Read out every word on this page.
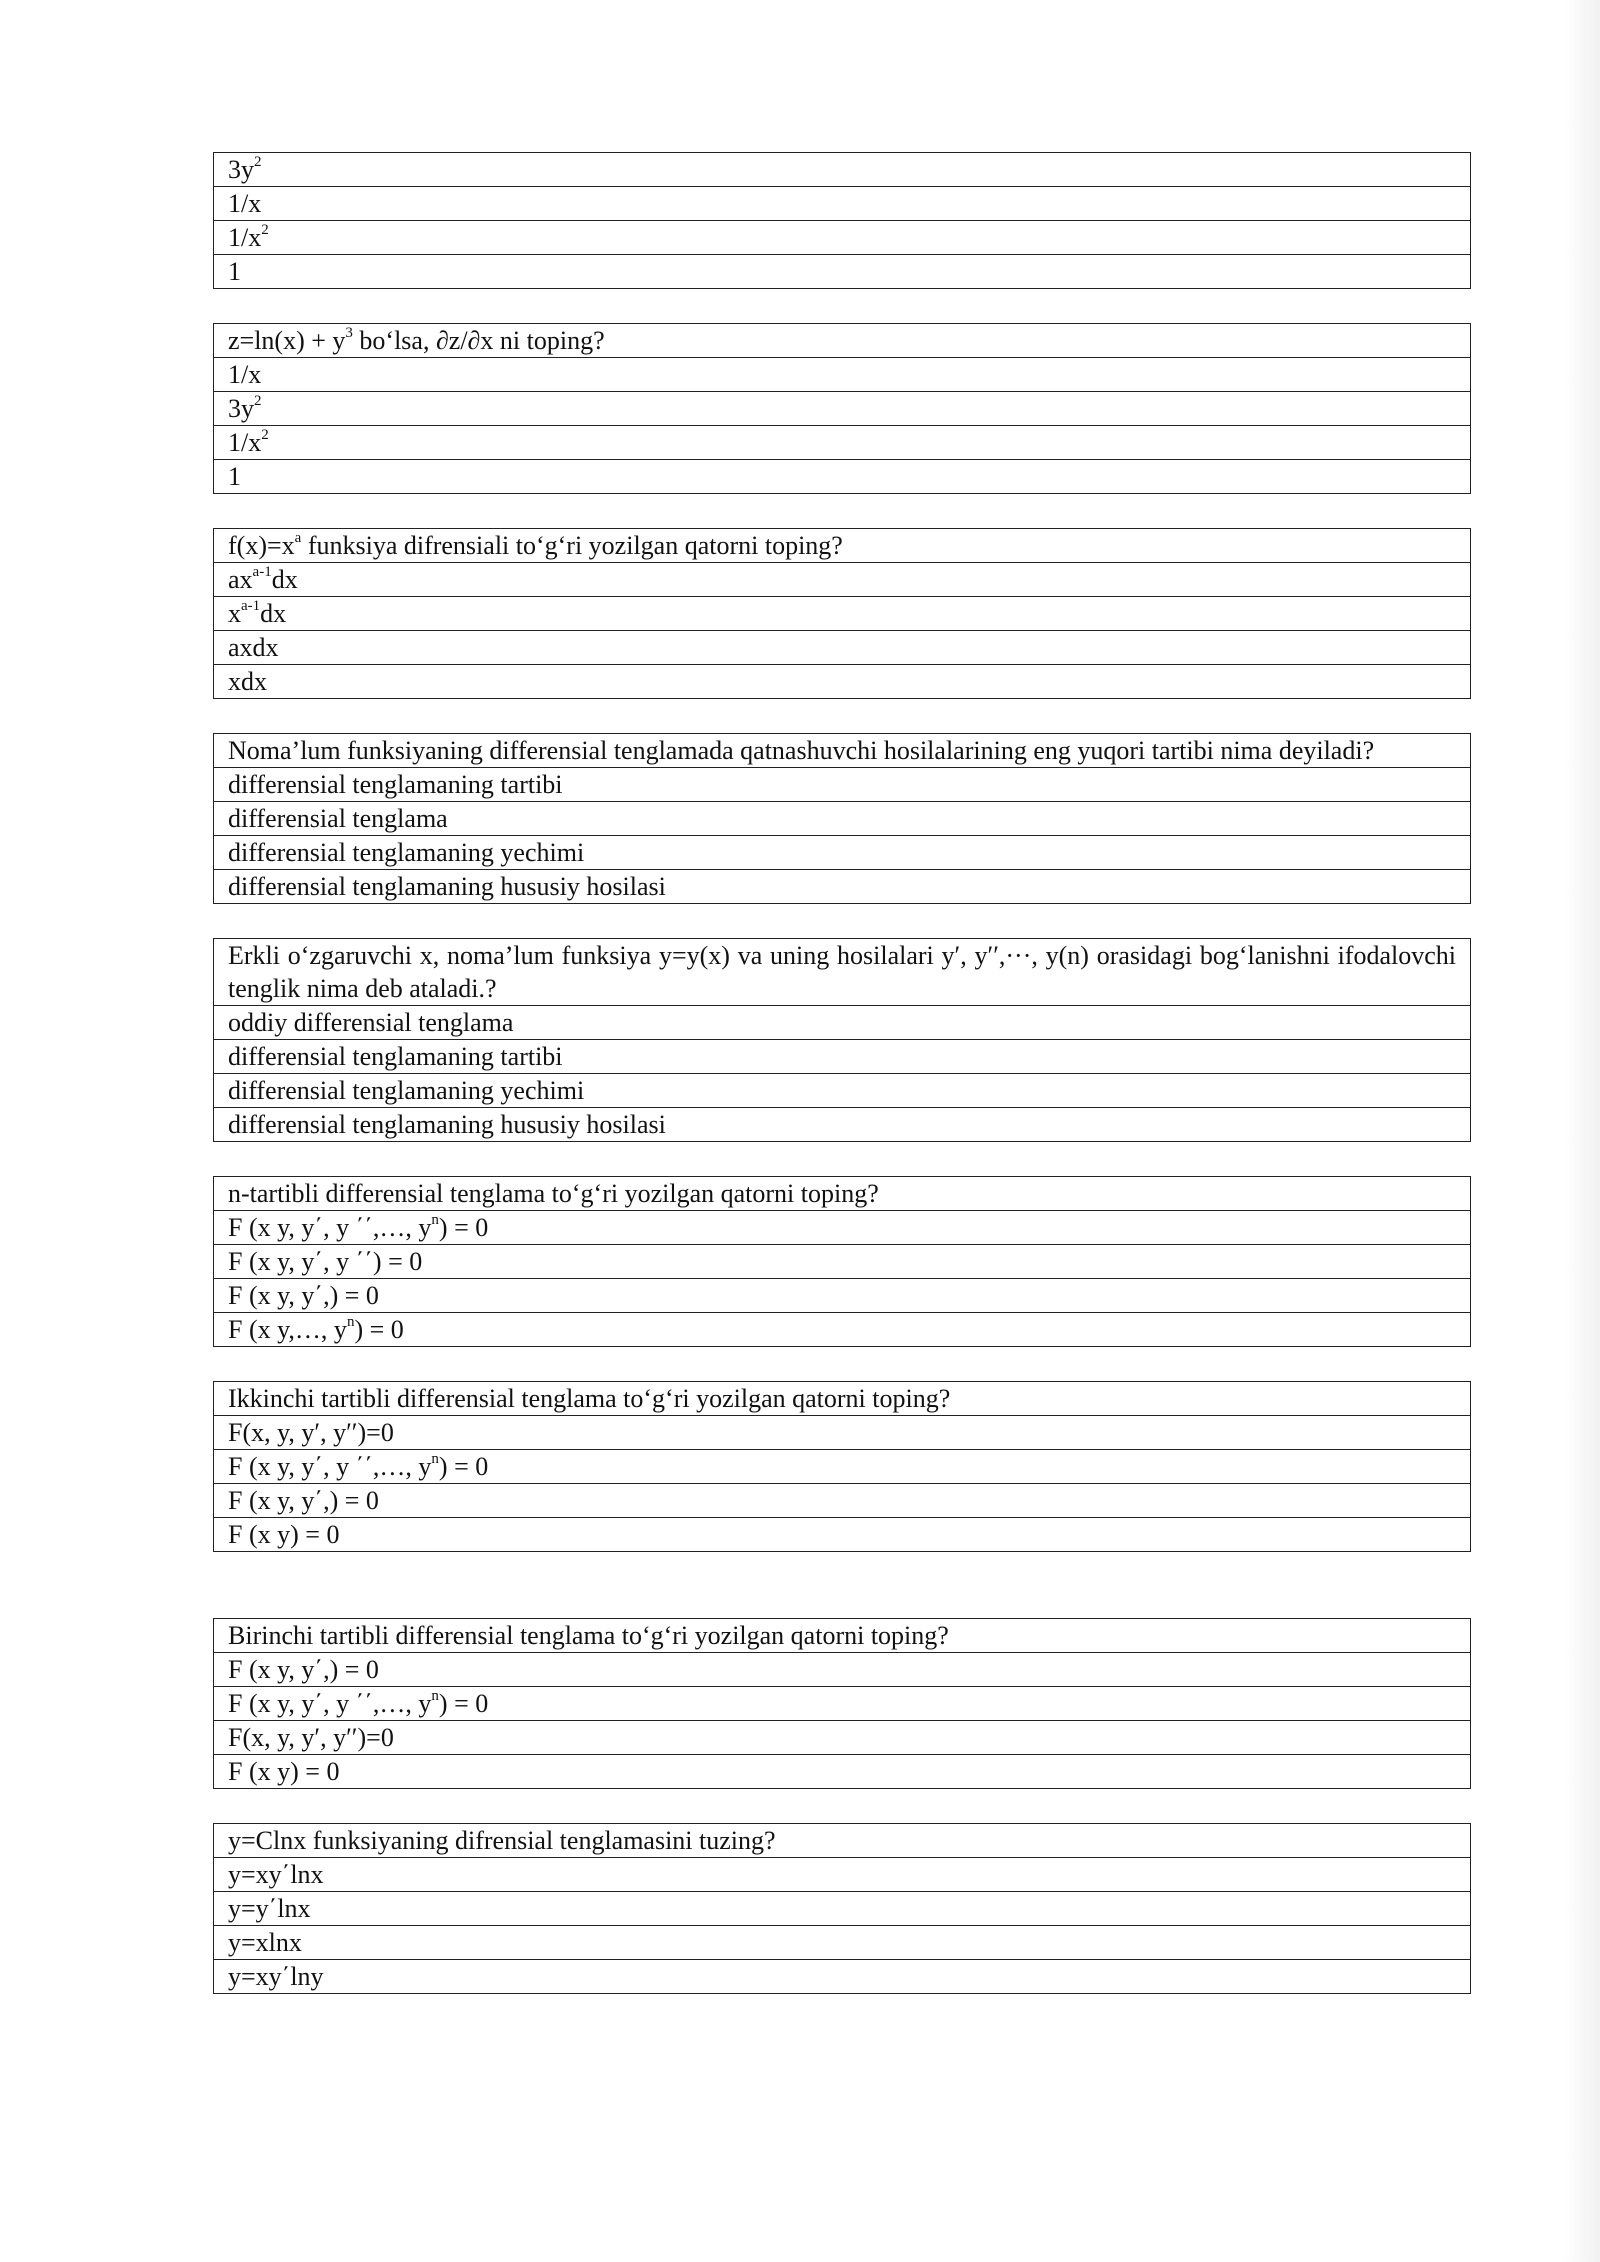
$3y^2$
1/x
$1/x^2$
1
$z=\ln(x) + y^3$ bo‘lsa, ∂z/∂x ni toping?
1/x
$3y^2$
$1/x^2$
1
$f(x)=x^a$ funksiya difrensiali to‘g‘ri yozilgan qatorni toping?
$ax^{a-1}dx$
$x^{a-1}dx$
axdx
xdx
Noma’lum funksiyaning differensial tenglamada qatnashuvchi hosilalarining eng yuqori tartibi nima deyiladi?
differensial tenglamaning tartibi
differensial tenglama
differensial tenglamaning yechimi
differensial tenglamaning hususiy hosilasi
Erkli o‘zgaruvchi x, noma’lum funksiya y=y(x) va uning hosilalari y′, y′′,···, y(n) orasidagi bog‘lanishni ifodalovchi tenglik nima deb ataladi.?
oddiy differensial tenglama
differensial tenglamaning tartibi
differensial tenglamaning yechimi
differensial tenglamaning hususiy hosilasi
n-tartibli differensial tenglama to‘g‘ri yozilgan qatorni toping?
F (x y, y΄, y ΄΄,…, $y^n) = 0$
F (x y, y΄, y ΄΄) = 0
F (x y, y΄,) = 0
F (x y,…, $y^n) = 0$
Ikkinchi tartibli differensial tenglama to‘g‘ri yozilgan qatorni toping?
F(x, y, y′, y′′)=0
F (x y, y΄, y ΄΄,…, $y^n) = 0$
F (x y, y΄,) = 0
F (x y) = 0
Birinchi tartibli differensial tenglama to‘g‘ri yozilgan qatorni toping?
F (x y, y΄,) = 0
F (x y, y΄, y ΄΄,…, $y^n) = 0$
F(x, y, y′, y′′)=0
F (x y) = 0
y=Clnx funksiyaning difrensial tenglamasini tuzing?
y=xy΄lnx
y=y΄lnx
y=xlnx
y=xy΄lny
